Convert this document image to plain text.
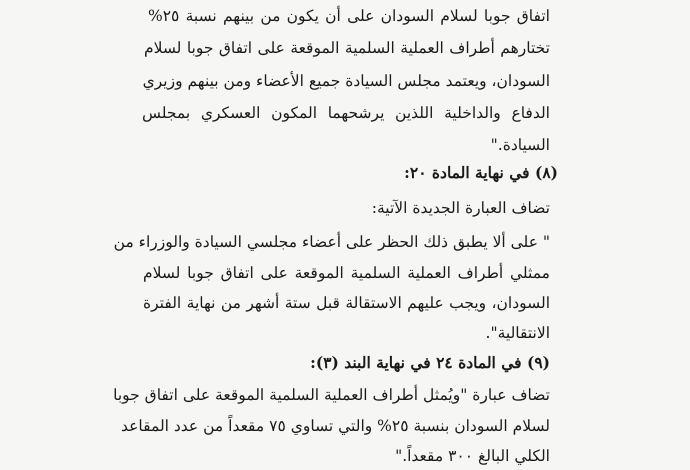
اتفاق جوبا لسلام السودان على أن يكون من بينهم نسبة ٢٥%
تختارهم أطراف العملية السلمية الموقعة على اتفاق جوبا لسلام
السودان، ويعتمد مجلس السيادة جميع الأعضاء ومن بينهم وزيري
الدفاع والداخلية اللذين يرشحهما المكون العسكري بمجلس
السيادة."
(٨) في نهاية المادة ٢٠:
تضاف العبارة الجديدة الآتية:
" على ألا يطبق ذلك الحظر على أعضاء مجلسي السيادة والوزراء من
ممثلي أطراف العملية السلمية الموقعة على اتفاق جوبا لسلام
السودان، ويجب عليهم الاستقالة قبل ستة أشهر من نهاية الفترة
الانتقالية".
(٩) في المادة ٢٤ في نهاية البند (٣):
تضاف عبارة "ويُمثل أطراف العملية السلمية الموقعة على اتفاق جوبا
لسلام السودان بنسبة ٢٥% والتي تساوي ٧٥ مقعداً من عدد المقاعد
الكلي البالغ ٣٠٠ مقعداً."
